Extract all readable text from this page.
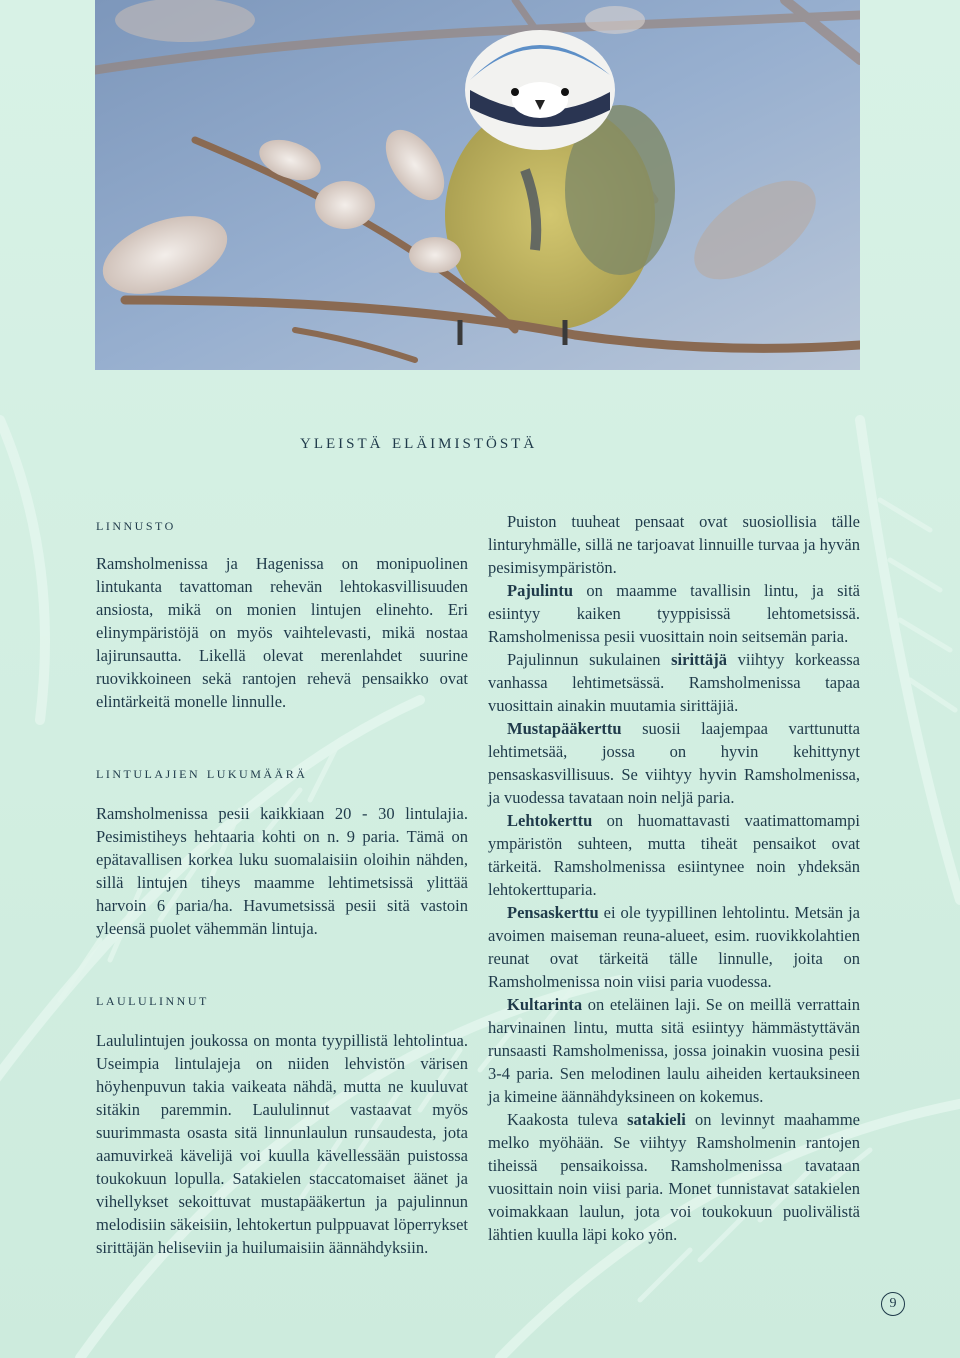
yleistä eläimistöstä
linnusto

Ramsholmenissa ja Hagenissa on monipuolinen lintukanta tavattoman rehevän lehtokasvillisuuden ansiosta, mikä on monien lintujen elinehto. Eri elinympäristöjä on myös vaihtelevasti, mikä nostaa lajirunsautta. Likellä olevat merenlahdet suurine ruovikkoineen sekä rantojen rehevä pensaikko ovat elintärkeitä monelle linnulle.

lintulajien lukumäärä

Ramsholmenissa pesii kaikkiaan 20 - 30 lintulajia. Pesimistiheys hehtaaria kohti on n. 9 paria. Tämä on epätavallisen korkea luku suomalaisiin oloihin nähden, sillä lintujen tiheys maamme lehtimetsissä ylittää harvoin 6 paria/ha. Havumetsissä pesii sitä vastoin yleensä puolet vähemmän lintuja.

laululinnut

Laululintujen joukossa on monta tyypillistä lehtolintua. Useimpia lintulajeja on niiden lehvistön värisen höyhenpuvun takia vaikeata nähdä, mutta ne kuuluvat sitäkin paremmin. Laululinnut vastaavat myös suurimmasta osasta sitä linnunlaulun runsaudesta, jota aamuvirkeä kävelijä voi kuulla kävellessään puistossa toukokuun lopulla. Satakielen staccatomaiset äänet ja vihellykset sekoittuvat mustapääkertun ja pajulinnun melodisiin säkeisiin, lehtokertun pulppuavat löperrykset sirittäjän heliseviin ja huilumaisiin äännähdyksiin.

Puiston tuuheat pensaat ovat suosiollisia tälle linturyhmälle, sillä ne tarjoavat linnuille turvaa ja hyvän pesimisympäristön.

Pajulintu on maamme tavallisin lintu, ja sitä esiintyy kaiken tyyppisissä lehtometsissä. Ramsholmenissa pesii vuosittain noin seitsemän paria.

Pajulinnun sukulainen sirittäjä viihtyy korkeassa vanhassa lehtimetsässä. Ramsholmenissa tapaa vuosittain ainakin muutamia sirittäjiä.

Mustapääkerttu suosii laajempaa varttunutta lehtimetsää, jossa on hyvin kehittynyt pensaskasvillisuus. Se viihtyy hyvin Ramsholmenissa, ja vuodessa tavataan noin neljä paria.

Lehtokerttu on huomattavasti vaatimattomampi ympäristön suhteen, mutta tiheät pensaikot ovat tärkeitä. Ramsholmenissa esiintynee noin yhdeksän lehtokerttuparia.

Pensaskerttu ei ole tyypillinen lehtolintu. Metsän ja avoimen maiseman reuna-alueet, esim. ruovikkolahtien reunat ovat tärkeitä tälle linnulle, joita on Ramsholmenissa noin viisi paria vuodessa.

Kultarinta on eteläinen laji. Se on meillä verrattain harvinainen lintu, mutta sitä esiintyy hämmästyttävän runsaasti Ramsholmenissa, jossa joinakin vuosina pesii 3-4 paria. Sen melodinen laulu aiheiden kertauksineen ja kimeine äännähdyksineen on kokemus.

Kaakosta tuleva satakieli on levinnyt maahamme melko myöhään. Se viihtyy Ramsholmenin rantojen tiheissä pensaikoissa. Ramsholmenissa tavataan vuosittain noin viisi paria. Monet tunnistavat satakielen voimakkaan laulun, jota voi toukokuun puolivälistä lähtien kuulla läpi koko yön.

9
